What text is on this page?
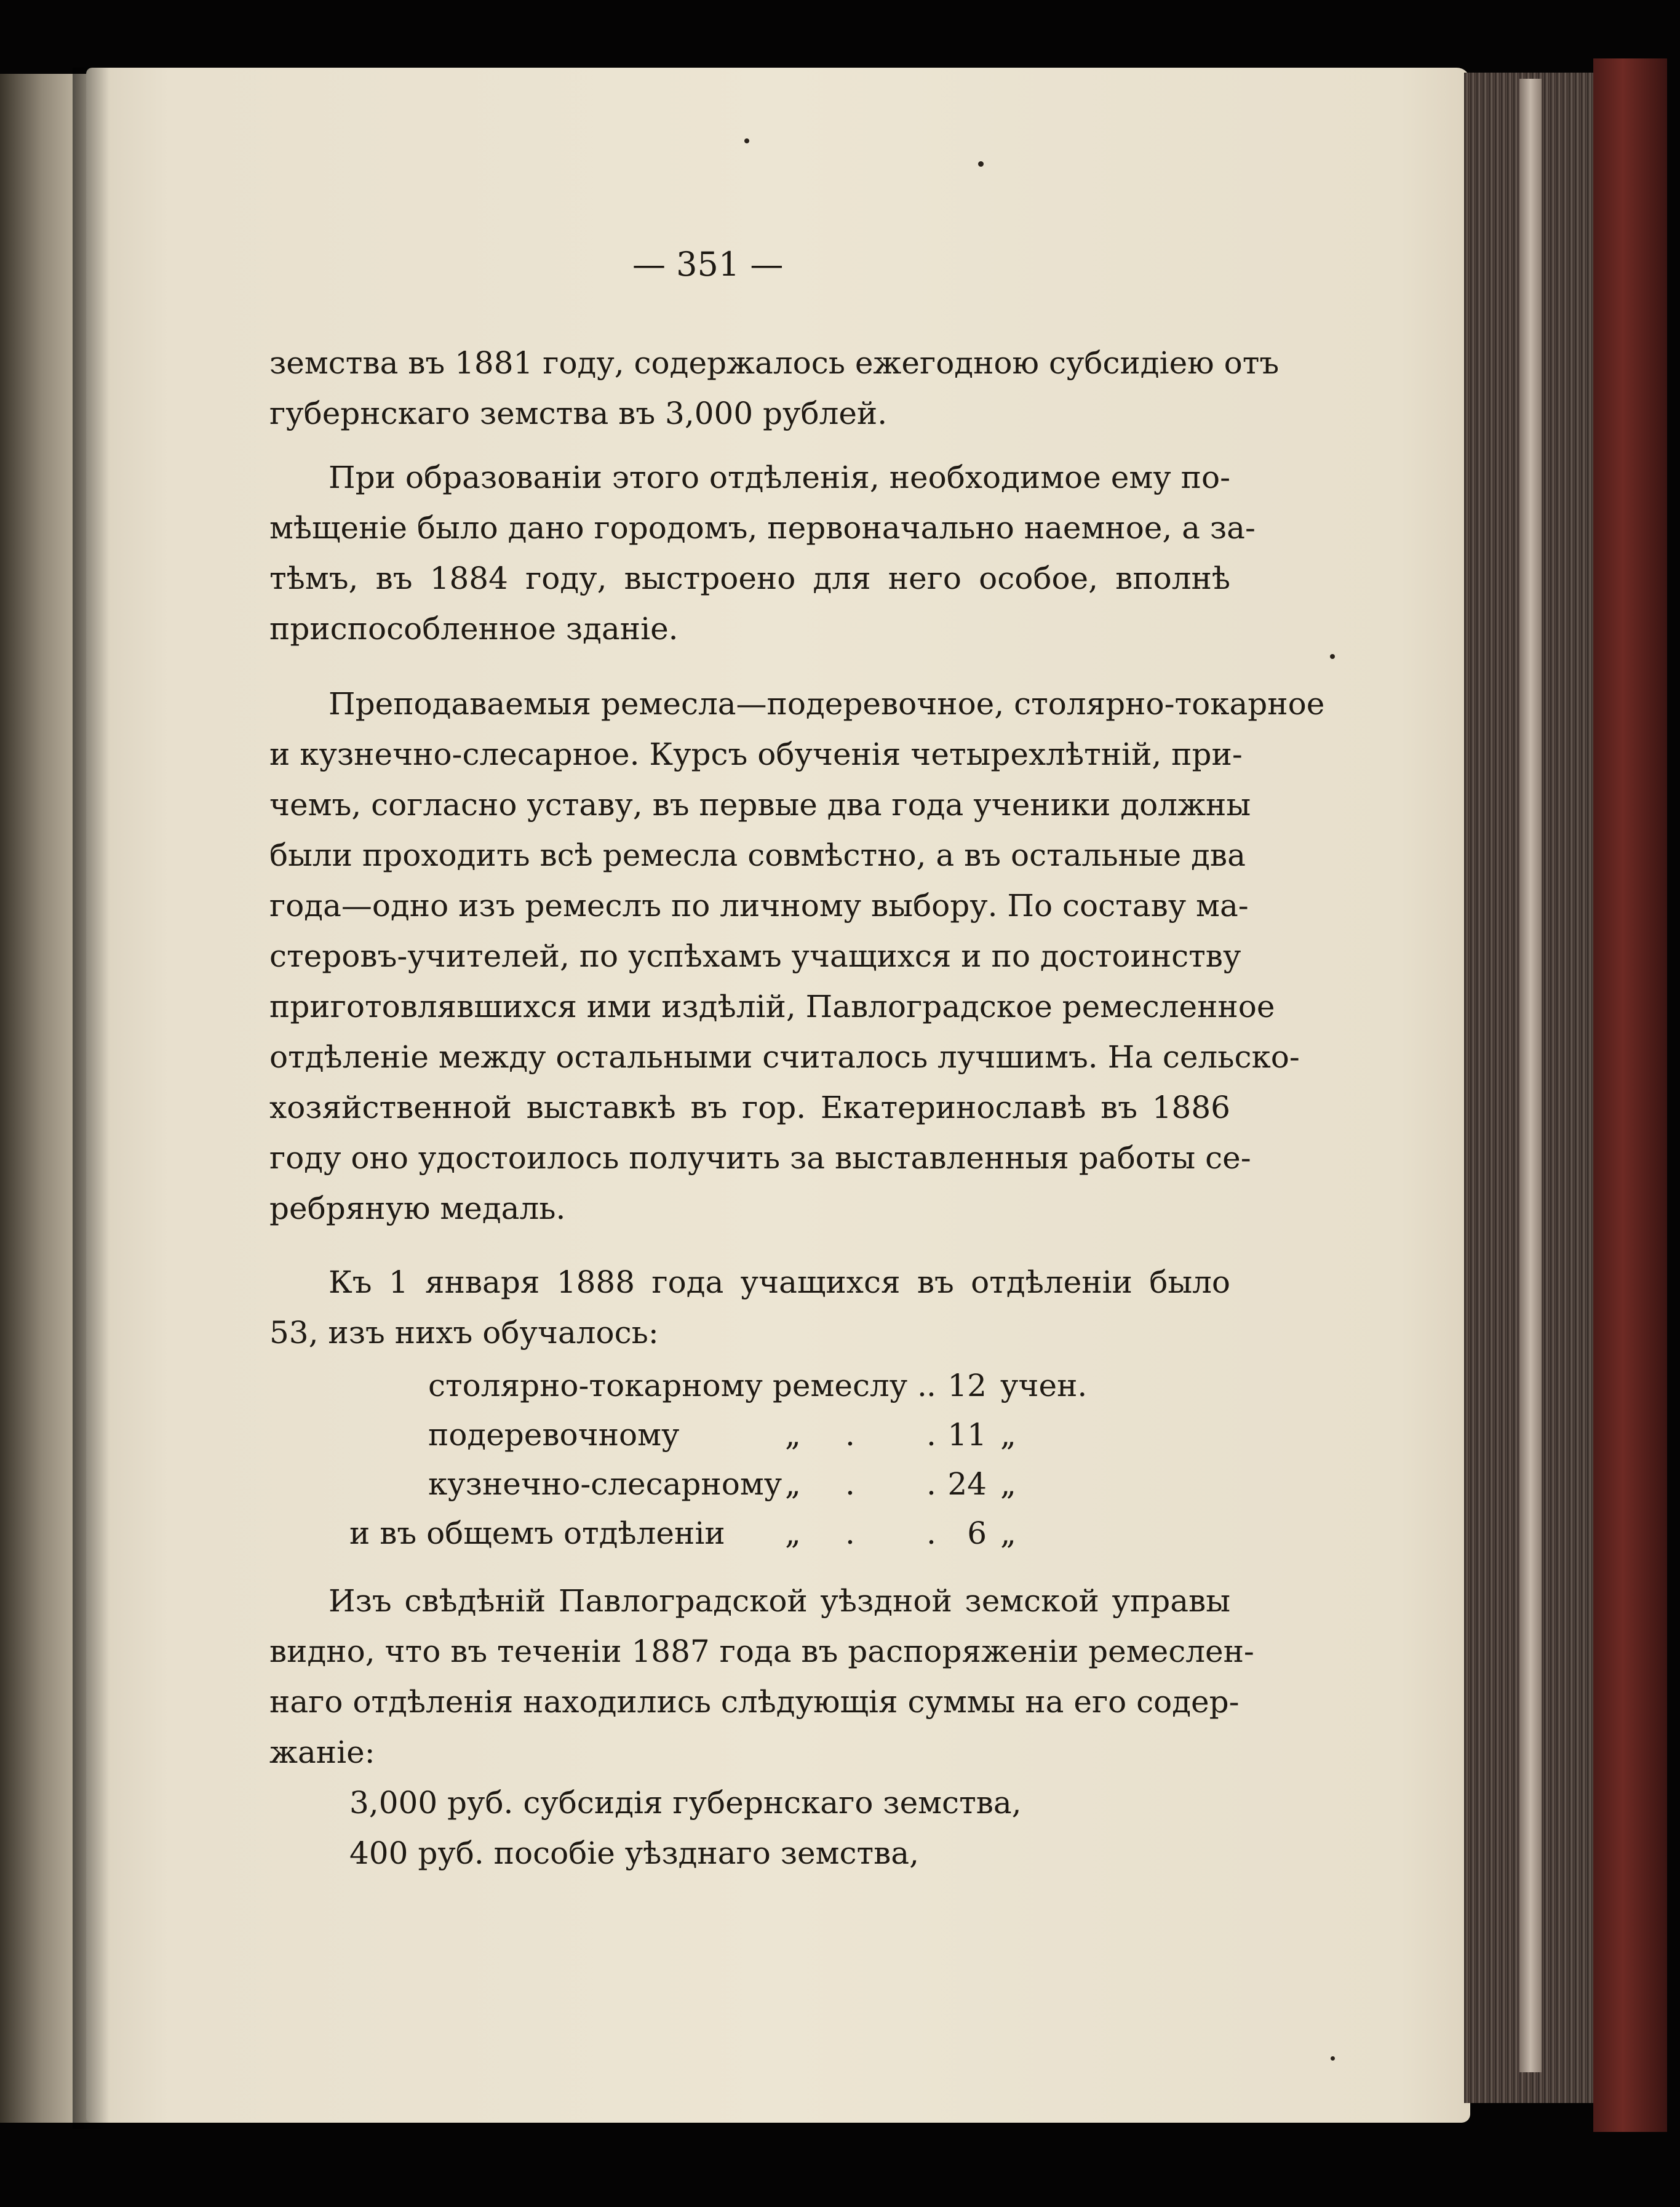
— 351 —
земства въ 1881 году, содержалось ежегодною субсидіею отъ
губернскаго земства въ 3,000 рублей.
При образованіи этого отдѣленія, необходимое ему по-
мѣщеніе было дано городомъ, первоначально наемное, а за-
тѣмъ, въ 1884 году, выстроено для него особое, вполнѣ
приспособленное зданіе.
Преподаваемыя ремесла—подеревочное, столярно-токарное
и кузнечно-слесарное. Курсъ обученія четырехлѣтній, при-
чемъ, согласно уставу, въ первые два года ученики должны
были проходить всѣ ремесла совмѣстно, а въ остальные два
года—одно изъ ремеслъ по личному выбору. По составу ма-
стеровъ-учителей, по успѣхамъ учащихся и по достоинству
приготовлявшихся ими издѣлій, Павлоградское ремесленное
отдѣленіе между остальными считалось лучшимъ. На сельско-
хозяйственной выставкѣ въ гор. Екатеринославѣ въ 1886
году оно удостоилось получить за выставленныя работы се-
ребряную медаль.
Къ 1 января 1888 года учащихся въ отдѣленіи было
53, изъ нихъ обучалось:
столярно-токарному ремеслу . . 12 учен.
подеревочному	„ . . 11 „
кузнечно-слесарному „ . . 24 „
и въ общемъ отдѣленіи „ . .	6 „
Изъ свѣдѣній Павлоградской уѣздной земской управы
видно, что въ теченіи 1887 года въ распоряженіи ремеслен-
наго отдѣленія находились слѣдующія суммы на его содер-
жаніе:
3,000 руб. субсидія губернскаго земства,
400 руб. пособіе уѣзднаго земства,
